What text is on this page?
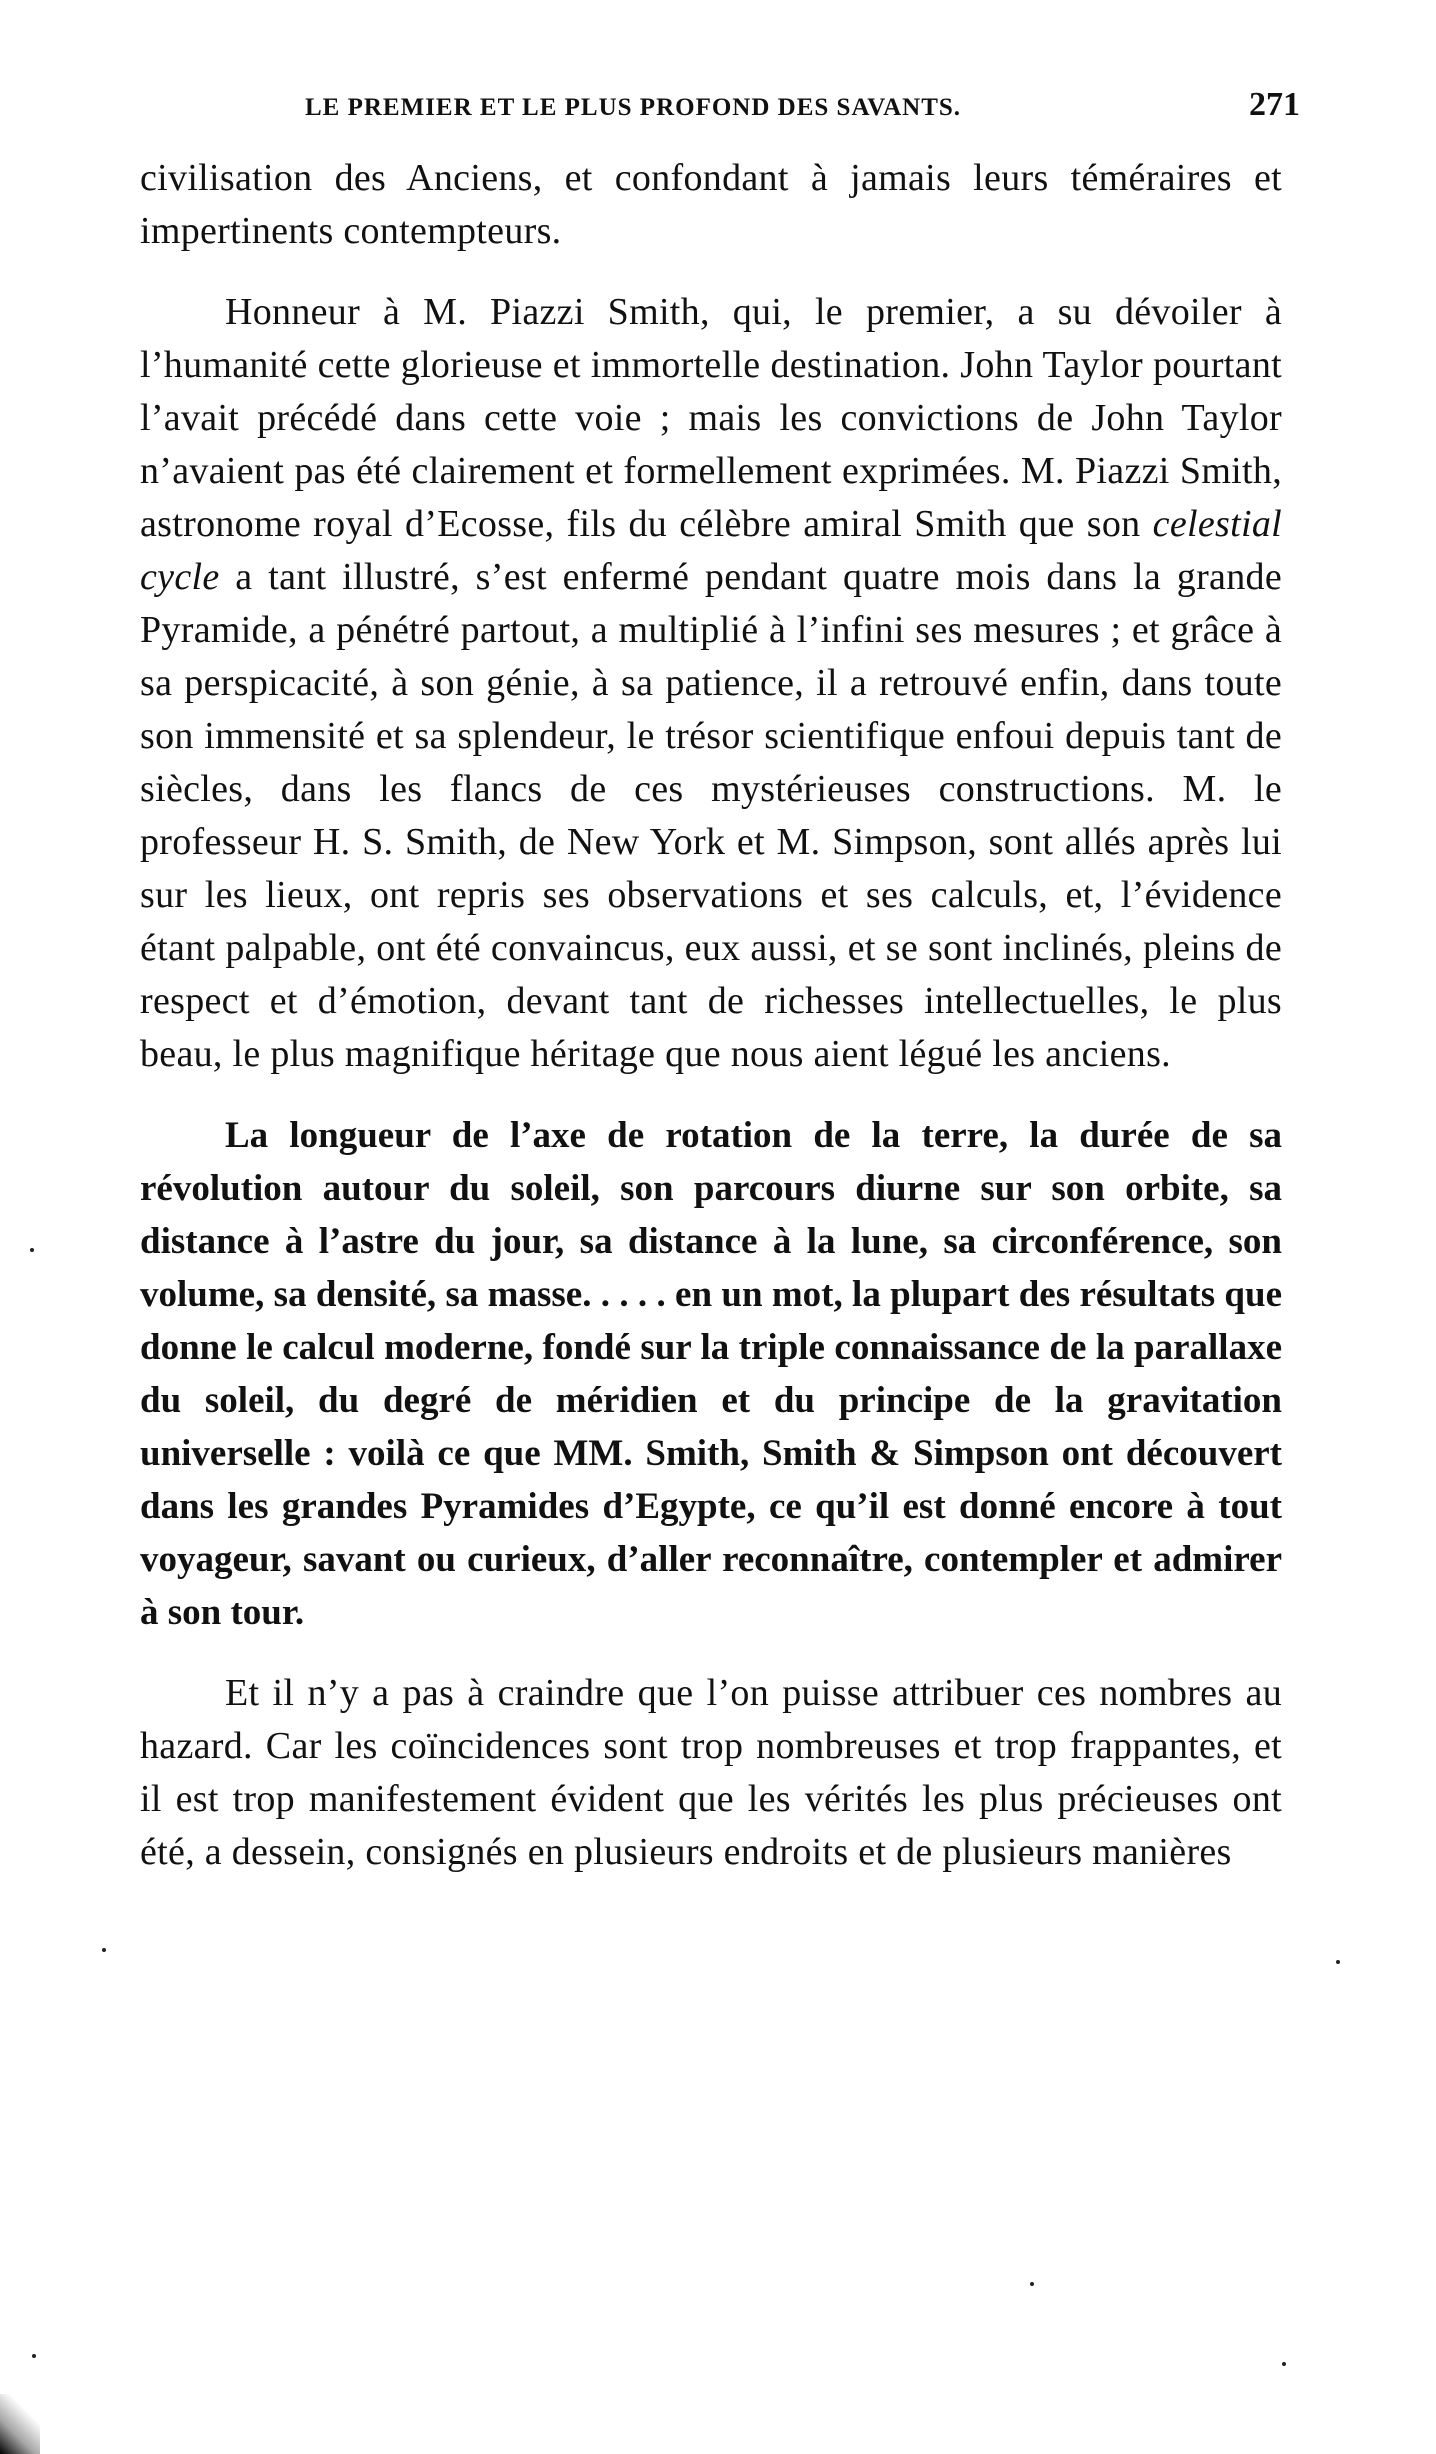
LE PREMIER ET LE PLUS PROFOND DES SAVANTS.	271

civilisation des Anciens, et confondant à jamais leurs téméraires et impertinents contempteurs.

Honneur à M. Piazzi Smith, qui, le premier, a su dévoiler à l’humanité cette glorieuse et immortelle destination. John Taylor pourtant l’avait précédé dans cette voie ; mais les convictions de John Taylor n’avaient pas été clairement et formellement exprimées. M. Piazzi Smith, astronome royal d’Ecosse, fils du célèbre amiral Smith que son celestial cycle a tant illustré, s’est enfermé pendant quatre mois dans la grande Pyramide, a pénétré partout, a multiplié à l’infini ses mesures ; et grâce à sa perspicacité, à son génie, à sa patience, il a retrouvé enfin, dans toute son immensité et sa splendeur, le trésor scientifique enfoui depuis tant de siècles, dans les flancs de ces mystérieuses constructions. M. le professeur H. S. Smith, de New York et M. Simpson, sont allés après lui sur les lieux, ont repris ses observations et ses calculs, et, l’évidence étant palpable, ont été convaincus, eux aussi, et se sont inclinés, pleins de respect et d’émotion, devant tant de richesses intellectuelles, le plus beau, le plus magnifique héritage que nous aient légué les anciens.

La longueur de l’axe de rotation de la terre, la durée de sa révolution autour du soleil, son parcours diurne sur son orbite, sa distance à l’astre du jour, sa distance à la lune, sa circonférence, son volume, sa densité, sa masse. . . . . en un mot, la plupart des résultats que donne le calcul moderne, fondé sur la triple connaissance de la parallaxe du soleil, du degré de méridien et du principe de la gravitation universelle : voilà ce que MM. Smith, Smith & Simpson ont découvert dans les grandes Pyramides d’Egypte, ce qu’il est donné encore à tout voyageur, savant ou curieux, d’aller reconnaître, contempler et admirer à son tour.

Et il n’y a pas à craindre que l’on puisse attribuer ces nombres au hazard. Car les coïncidences sont trop nombreuses et trop frappantes, et il est trop manifestement évident que les vérités les plus précieuses ont été, a dessein, consignés en plusieurs endroits et de plusieurs manières
